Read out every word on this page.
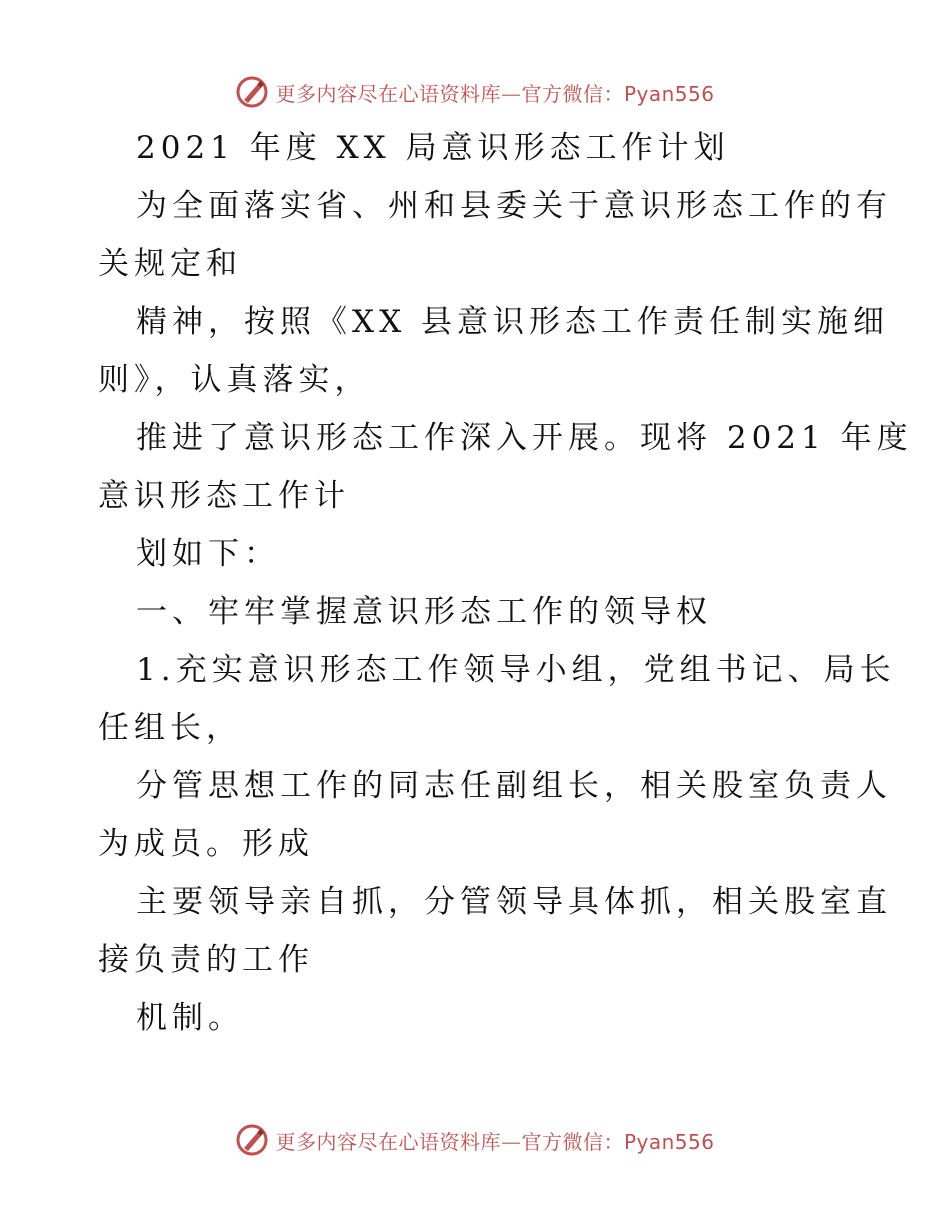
更多内容尽在心语资料库—官方微信：Pyan556
2021 年度 XX 局意识形态工作计划
为全面落实省、州和县委关于意识形态工作的有
关规定和
精神，按照《XX 县意识形态工作责任制实施细
则》，认真落实，
推进了意识形态工作深入开展。现将 2021 年度
意识形态工作计
划如下：
一、牢牢掌握意识形态工作的领导权
1.充实意识形态工作领导小组，党组书记、局长
任组长，
分管思想工作的同志任副组长，相关股室负责人
为成员。形成
主要领导亲自抓，分管领导具体抓，相关股室直
接负责的工作
机制。
更多内容尽在心语资料库—官方微信：Pyan556
